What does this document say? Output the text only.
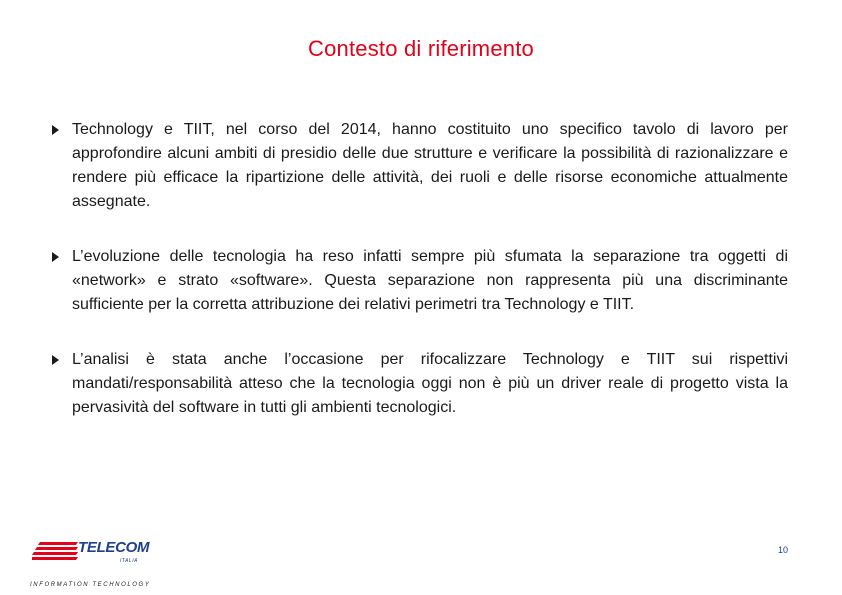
Contesto di riferimento
Technology e TIIT, nel corso del 2014, hanno costituito uno specifico tavolo di lavoro per approfondire alcuni ambiti di presidio delle due strutture e verificare la possibilità di razionalizzare e rendere più efficace la ripartizione delle attività, dei ruoli e delle risorse economiche attualmente assegnate.
L’evoluzione delle tecnologia ha reso infatti sempre più sfumata la separazione tra oggetti di «network» e strato «software». Questa separazione non rappresenta più una discriminante sufficiente per la corretta attribuzione dei relativi perimetri tra Technology e TIIT.
L’analisi è stata anche l’occasione per rifocalizzare Technology e TIIT sui rispettivi mandati/responsabilità atteso che la tecnologia oggi non è più un driver reale di progetto vista la pervasività del software in tutti gli ambienti tecnologici.
TELECOM
ITALIA
INFORMATION TECHNOLOGY
10
